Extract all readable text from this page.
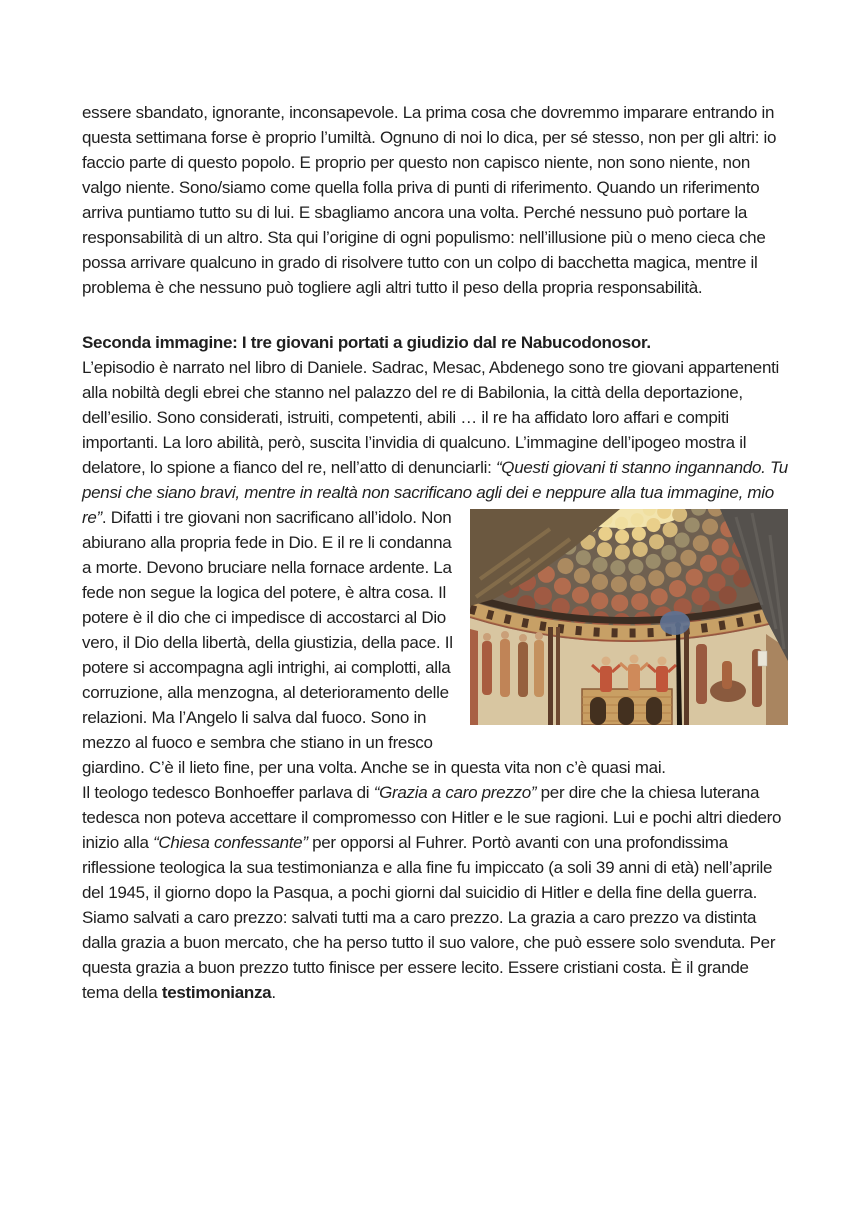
essere sbandato, ignorante, inconsapevole. La prima cosa che dovremmo imparare entrando in questa settimana forse è proprio l’umiltà. Ognuno di noi lo dica, per sé stesso, non per gli altri: io faccio parte di questo popolo. E proprio per questo non capisco niente, non sono niente, non valgo niente. Sono/siamo come quella folla priva di punti di riferimento. Quando un riferimento arriva puntiamo tutto su di lui. E sbagliamo ancora una volta. Perché nessuno può portare la responsabilità di un altro. Sta qui l’origine di ogni populismo: nell’illusione più o meno cieca che possa arrivare qualcuno in grado di risolvere tutto con un colpo di bacchetta magica, mentre il problema è che nessuno può togliere agli altri tutto il peso della propria responsabilità.

Seconda immagine: I tre giovani portati a giudizio dal re Nabucodonosor.

L’episodio è narrato nel libro di Daniele. Sadrac, Mesac, Abdenego sono tre giovani appartenenti alla nobiltà degli ebrei che stanno nel palazzo del re di Babilonia, la città della deportazione, dell’esilio. Sono considerati, istruiti, competenti, abili … il re ha affidato loro affari e compiti importanti. La loro abilità, però, suscita l’invidia di qualcuno. L’immagine dell’ipogeo mostra il delatore, lo spione a fianco del re, nell’atto di denunciarli: “Questi giovani ti stanno ingannando. Tu pensi che siano bravi, mentre in realtà non sacrificano agli dei e neppure alla tua immagine, mio

re”. Difatti i tre giovani non sacrificano all’idolo. Non abiurano alla propria fede in Dio. E il re li condanna a morte. Devono bruciare nella fornace ardente. La fede non segue la logica del potere, è altra cosa. Il potere è il dio che ci impedisce di accostarci al Dio vero, il Dio della libertà, della giustizia, della pace. Il potere si accompagna agli intrighi, ai complotti, alla corruzione, alla menzogna, al deterioramento delle relazioni. Ma l’Angelo li salva dal fuoco. Sono in mezzo al fuoco e sembra che stiano in un fresco giardino. C’è il lieto fine, per una volta. Anche se in questa vita non c’è quasi mai.

Il teologo tedesco Bonhoeffer parlava di “Grazia a caro prezzo” per dire che la chiesa luterana tedesca non poteva accettare il compromesso con Hitler e le sue ragioni. Lui e pochi altri diedero inizio alla “Chiesa confessante” per opporsi al Fuhrer. Portò avanti con una profondissima riflessione teologica la sua testimonianza e alla fine fu impiccato (a soli 39 anni di età) nell’aprile del 1945, il giorno dopo la Pasqua, a pochi giorni dal suicidio di Hitler e della fine della guerra.

Siamo salvati a caro prezzo: salvati tutti ma a caro prezzo. La grazia a caro prezzo va distinta dalla grazia a buon mercato, che ha perso tutto il suo valore, che può essere solo svenduta. Per questa grazia a buon prezzo tutto finisce per essere lecito. Essere cristiani costa. È il grande tema della testimonianza.
